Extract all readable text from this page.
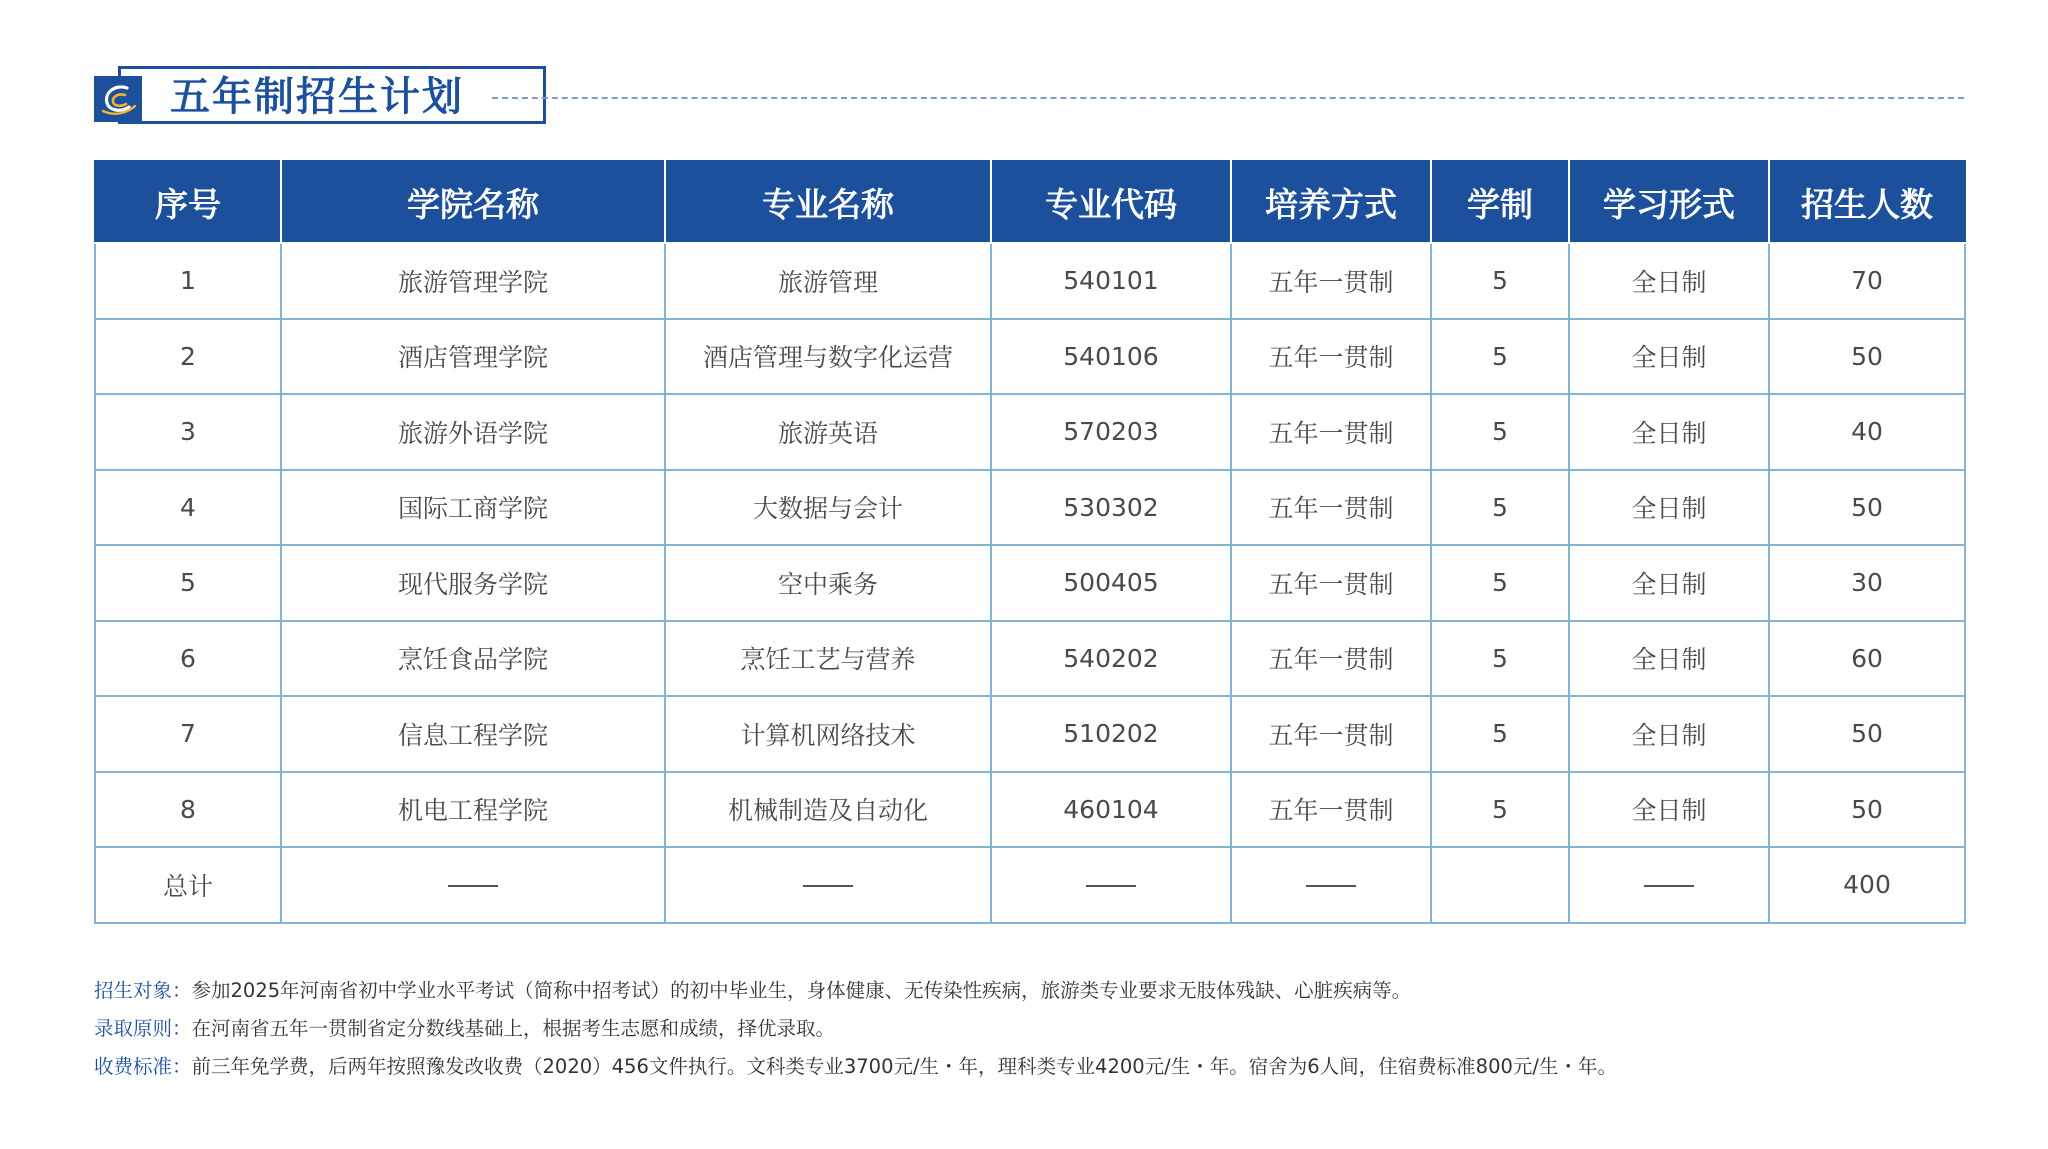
五年制招生计划
序号	学院名称	专业名称	专业代码	培养方式	学制	学习形式	招生人数
1	旅游管理学院	旅游管理	540101	五年一贯制	5	全日制	70
2	酒店管理学院	酒店管理与数字化运营	540106	五年一贯制	5	全日制	50
3	旅游外语学院	旅游英语	570203	五年一贯制	5	全日制	40
4	国际工商学院	大数据与会计	530302	五年一贯制	5	全日制	50
5	现代服务学院	空中乘务	500405	五年一贯制	5	全日制	30
6	烹饪食品学院	烹饪工艺与营养	540202	五年一贯制	5	全日制	60
7	信息工程学院	计算机网络技术	510202	五年一贯制	5	全日制	50
8	机电工程学院	机械制造及自动化	460104	五年一贯制	5	全日制	50
总计							400
招生对象：参加2025年河南省初中学业水平考试（简称中招考试）的初中毕业生，身体健康、无传染性疾病，旅游类专业要求无肢体残缺、心脏疾病等。
录取原则：在河南省五年一贯制省定分数线基础上，根据考生志愿和成绩，择优录取。
收费标准：前三年免学费，后两年按照豫发改收费（2020）456文件执行。文科类专业3700元/生・年，理科类专业4200元/生・年。宿舍为6人间，住宿费标准800元/生・年。
